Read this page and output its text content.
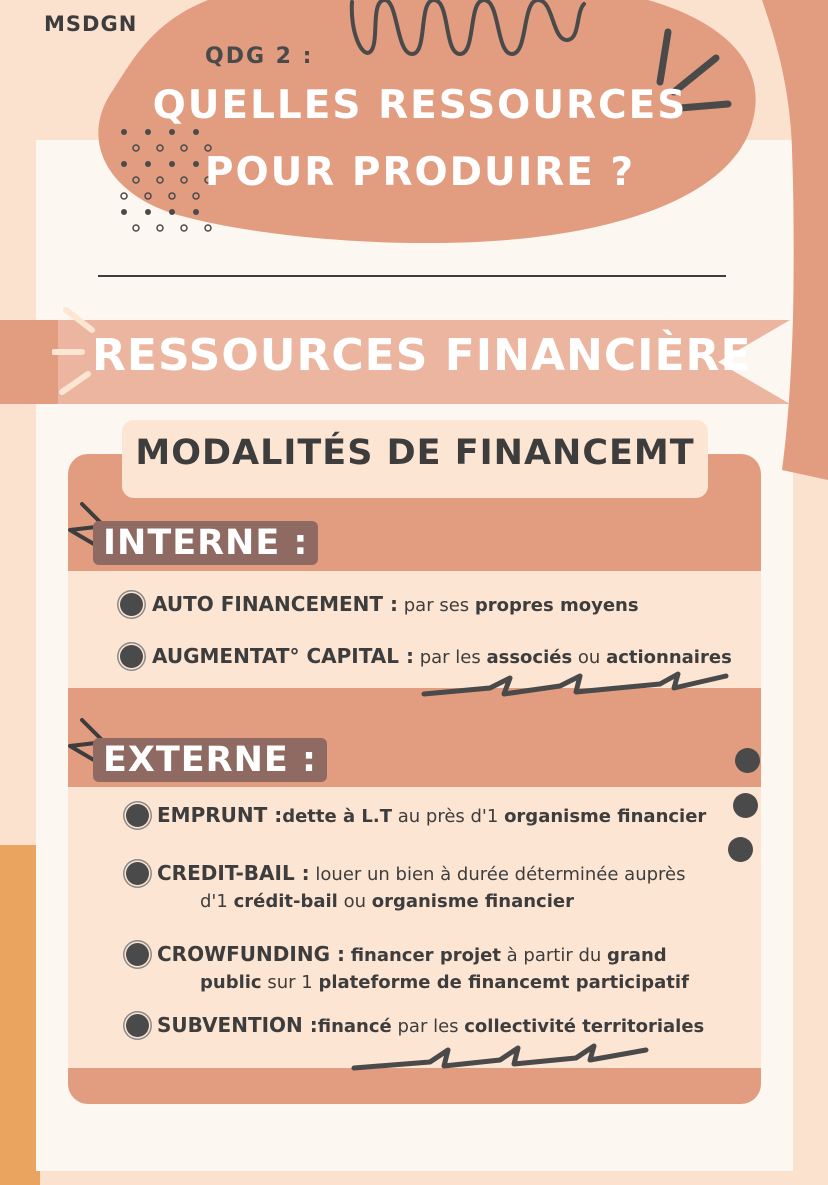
MSDGN
QDG 2 :
QUELLES RESSOURCES
POUR PRODUIRE ?
RESSOURCES FINANCIÈRE
MODALITÉS DE FINANCEMT
INTERNE :
AUTO FINANCEMENT : par ses propres moyens
AUGMENTAT° CAPITAL : par les associés ou actionnaires
EXTERNE :
EMPRUNT :dette à L.T au près d'1 organisme financier
CREDIT-BAIL : louer un bien à durée déterminée auprès
d'1 crédit-bail ou organisme financier
CROWFUNDING : financer projet à partir du grand
public sur 1 plateforme de financemt participatif
SUBVENTION :financé par les collectivité territoriales
